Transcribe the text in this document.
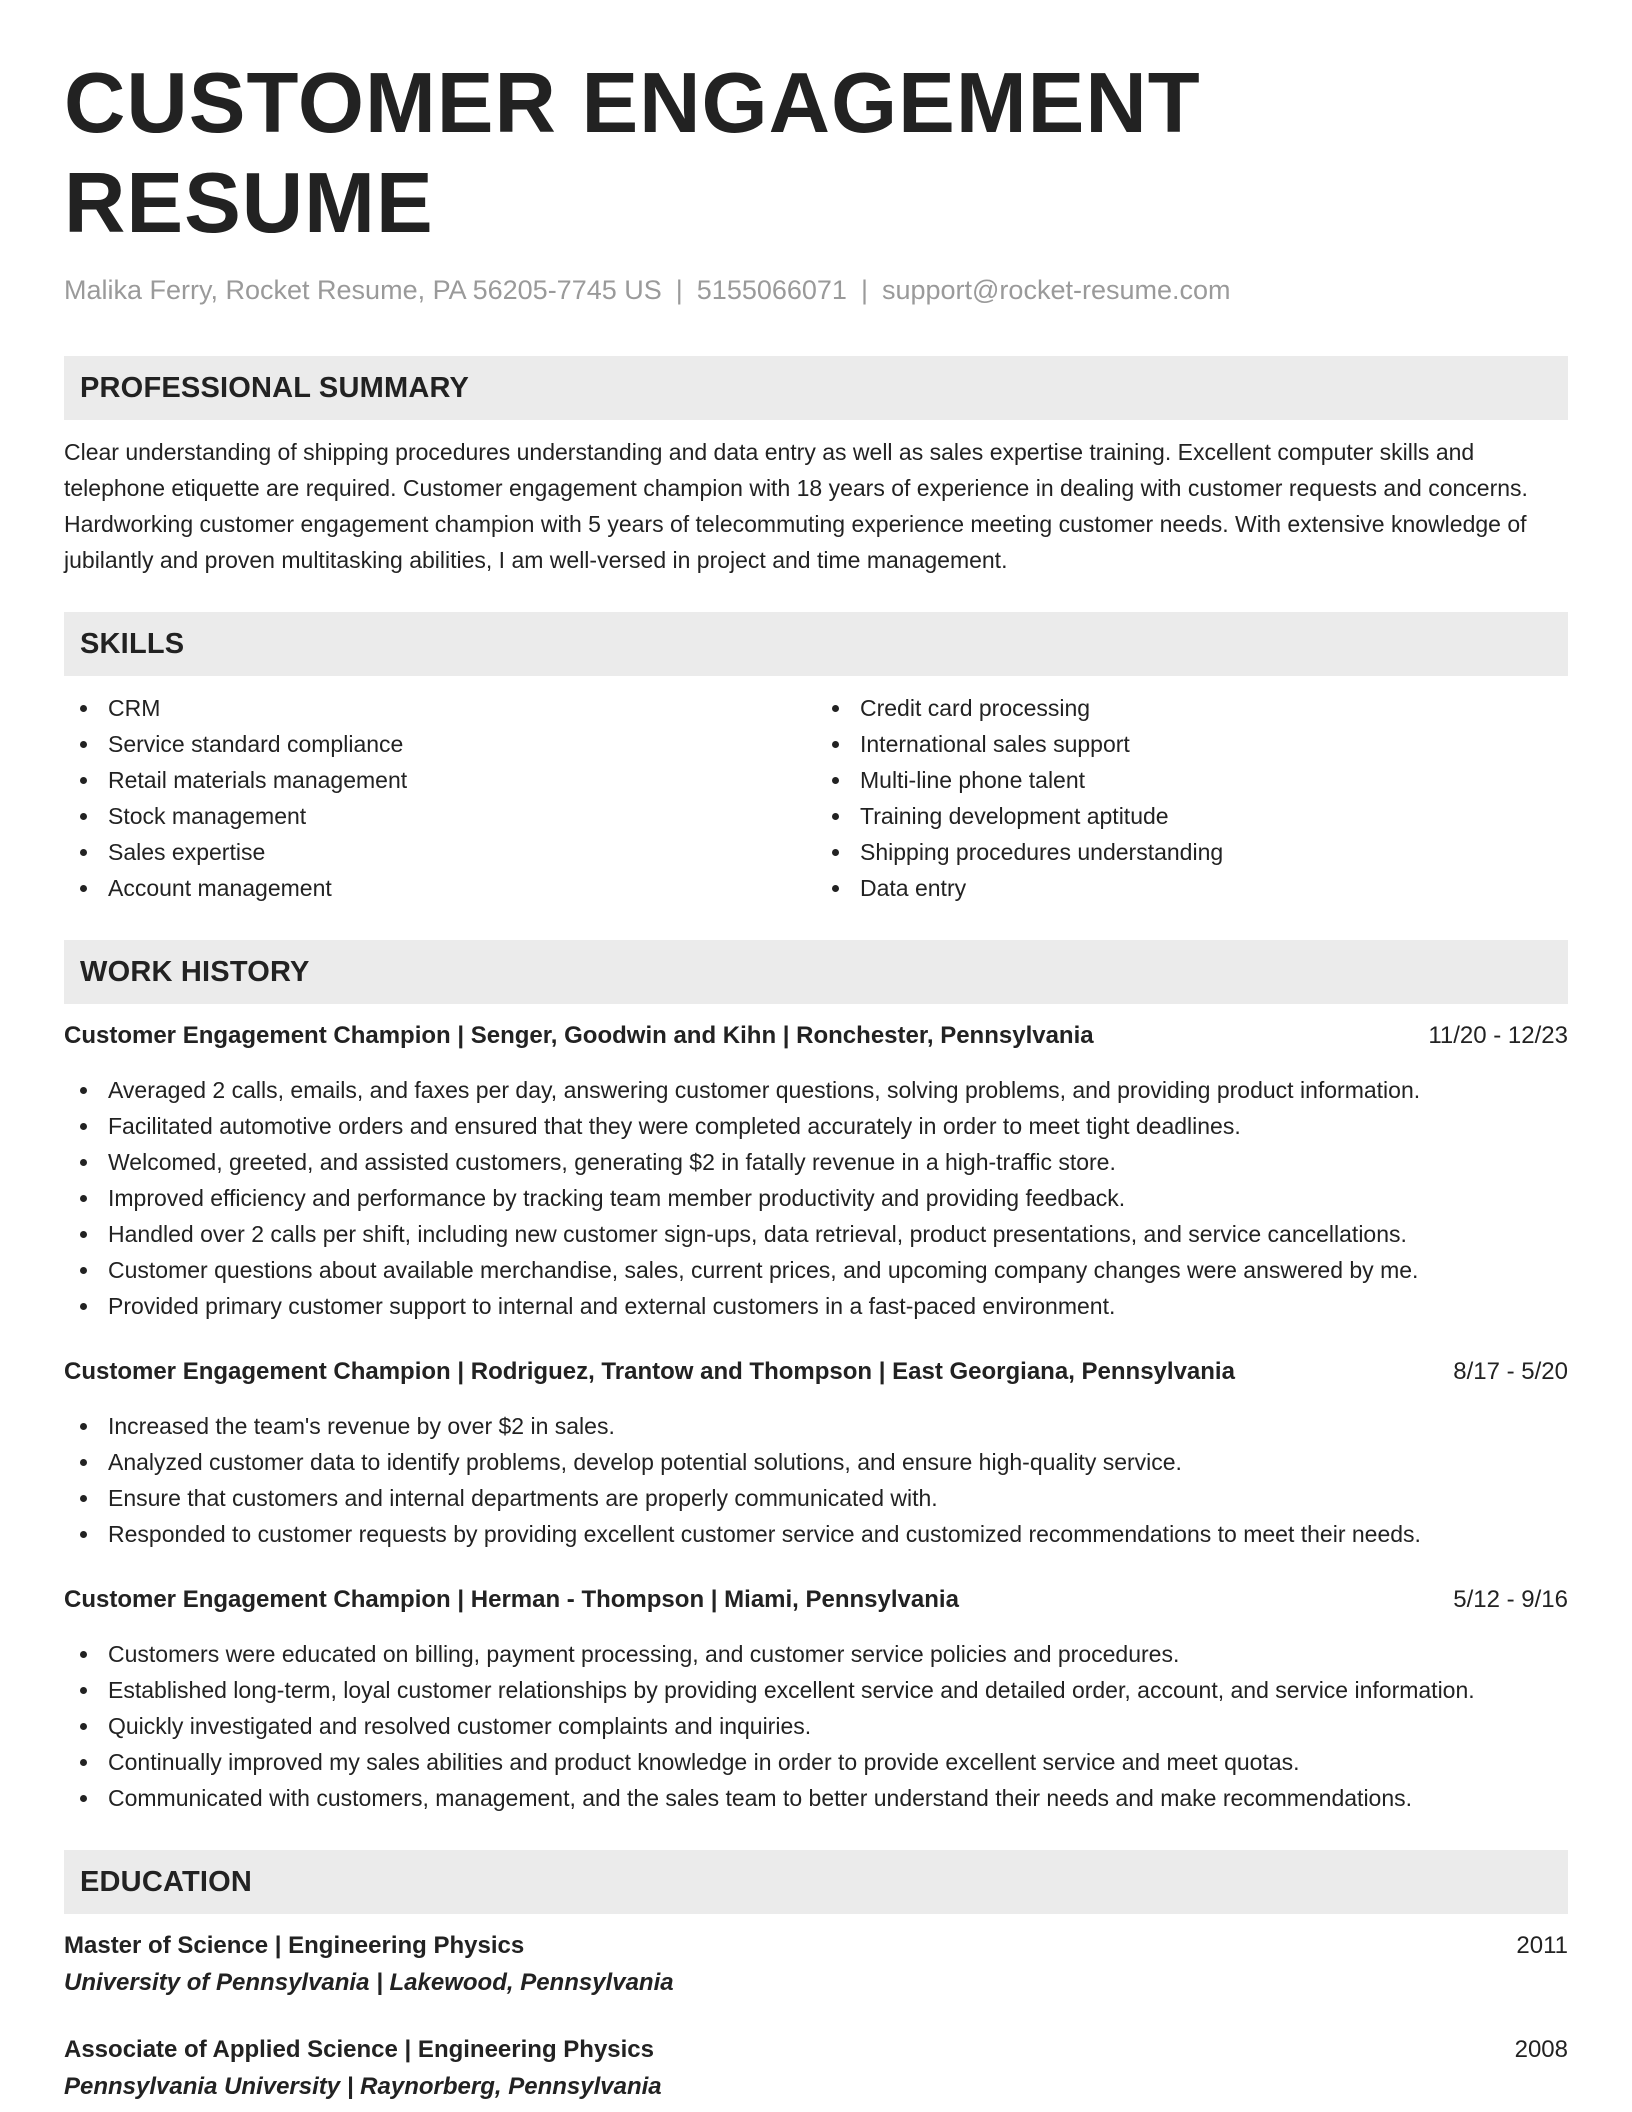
CUSTOMER ENGAGEMENT RESUME
Malika Ferry, Rocket Resume, PA 56205-7745 US | 5155066071 | support@rocket-resume.com
PROFESSIONAL SUMMARY
Clear understanding of shipping procedures understanding and data entry as well as sales expertise training. Excellent computer skills and telephone etiquette are required. Customer engagement champion with 18 years of experience in dealing with customer requests and concerns. Hardworking customer engagement champion with 5 years of telecommuting experience meeting customer needs. With extensive knowledge of jubilantly and proven multitasking abilities, I am well-versed in project and time management.
SKILLS
CRM
Service standard compliance
Retail materials management
Stock management
Sales expertise
Account management
Credit card processing
International sales support
Multi-line phone talent
Training development aptitude
Shipping procedures understanding
Data entry
WORK HISTORY
Customer Engagement Champion | Senger, Goodwin and Kihn | Ronchester, Pennsylvania	11/20 - 12/23
Averaged 2 calls, emails, and faxes per day, answering customer questions, solving problems, and providing product information.
Facilitated automotive orders and ensured that they were completed accurately in order to meet tight deadlines.
Welcomed, greeted, and assisted customers, generating $2 in fatally revenue in a high-traffic store.
Improved efficiency and performance by tracking team member productivity and providing feedback.
Handled over 2 calls per shift, including new customer sign-ups, data retrieval, product presentations, and service cancellations.
Customer questions about available merchandise, sales, current prices, and upcoming company changes were answered by me.
Provided primary customer support to internal and external customers in a fast-paced environment.
Customer Engagement Champion | Rodriguez, Trantow and Thompson | East Georgiana, Pennsylvania	8/17 - 5/20
Increased the team's revenue by over $2 in sales.
Analyzed customer data to identify problems, develop potential solutions, and ensure high-quality service.
Ensure that customers and internal departments are properly communicated with.
Responded to customer requests by providing excellent customer service and customized recommendations to meet their needs.
Customer Engagement Champion | Herman - Thompson | Miami, Pennsylvania	5/12 - 9/16
Customers were educated on billing, payment processing, and customer service policies and procedures.
Established long-term, loyal customer relationships by providing excellent service and detailed order, account, and service information.
Quickly investigated and resolved customer complaints and inquiries.
Continually improved my sales abilities and product knowledge in order to provide excellent service and meet quotas.
Communicated with customers, management, and the sales team to better understand their needs and make recommendations.
EDUCATION
Master of Science | Engineering Physics	2011
University of Pennsylvania | Lakewood, Pennsylvania
Associate of Applied Science | Engineering Physics	2008
Pennsylvania University | Raynorberg, Pennsylvania
